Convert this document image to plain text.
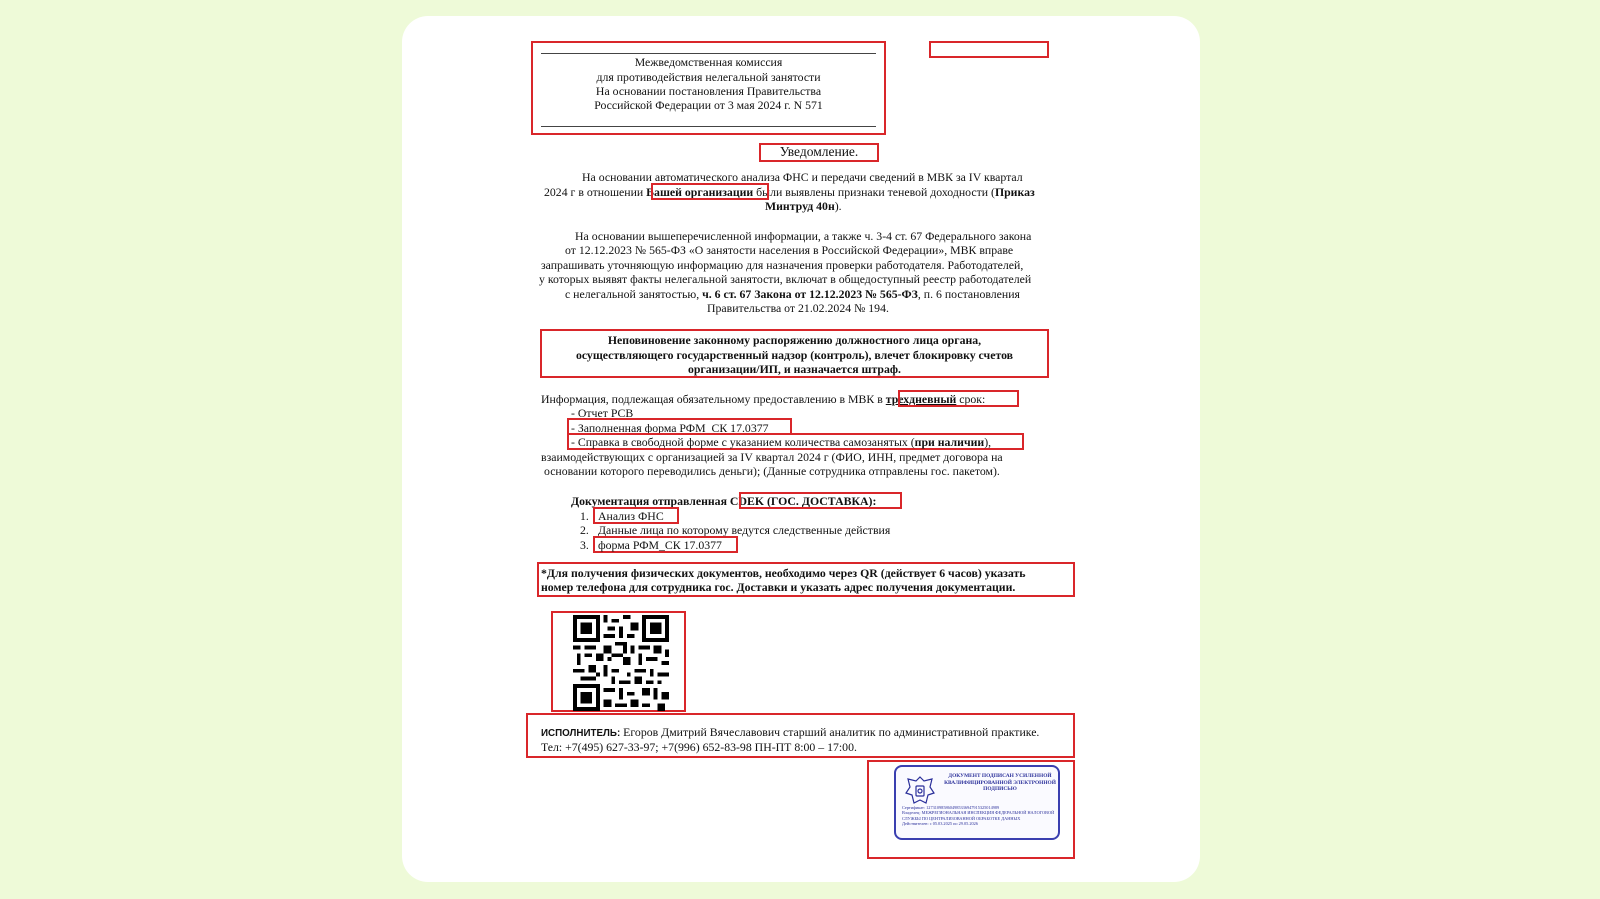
Межведомственная комиссия
для противодействия нелегальной занятости
На основании постановления Правительства
Российской Федерации от 3 мая 2024 г. N 571
Уведомление.
На основании автоматического анализа ФНС и передачи сведений в МВК за IV квартал
2024 г в отношении Вашей организации были выявлены признаки теневой доходности (Приказ
Минтруд 40н).
На основании вышеперечисленной информации, а также ч. 3-4 ст. 67 Федерального закона
от 12.12.2023 № 565-ФЗ «О занятости населения в Российской Федерации», МВК вправе
запрашивать уточняющую информацию для назначения проверки работодателя. Работодателей,
у которых выявят факты нелегальной занятости, включат в общедоступный реестр работодателей
с нелегальной занятостью, ч. 6 ст. 67 Закона от 12.12.2023 № 565-ФЗ, п. 6 постановления
Правительства от 21.02.2024 № 194.
Неповиновение законному распоряжению должностного лица органа,
осуществляющего государственный надзор (контроль), влечет блокировку счетов
организации/ИП, и назначается штраф.
Информация, подлежащая обязательному предоставлению в МВК в трехдневный срок:
- Отчет РСВ
- Заполненная форма РФМ_СК 17.0377
- Справка в свободной форме с указанием количества самозанятых (при наличии),
взаимодействующих с организацией за IV квартал 2024 г (ФИО, ИНН, предмет договора на
основании которого переводились деньги); (Данные сотрудника отправлены гос. пакетом).
Документация отправленная CDEK (ГОС. ДОСТАВКА):
1. Анализ ФНС
2. Данные лица по которому ведутся следственные действия
3. форма РФМ_СК 17.0377
*Для получения физических документов, необходимо через QR (действует 6 часов) указать
номер телефона для сотрудника гос. Доставки и указать адрес получения документации.
ИСПОЛНИТЕЛЬ: Егоров Дмитрий Вячеславович старший аналитик по административной практике.
Тел: +7(495) 627-33-97; +7(996) 652-83-98 ПН-ПТ 8:00 – 17:00.
ДОКУМЕНТ ПОДПИСАН УСИЛЕННОЙ КВАЛИФИЦИРОВАННОЙ ЭЛЕКТРОННОЙ ПОДПИСЬЮ
Сертификат: 1273109858604985336947915325014989
Владелец: МЕЖРЕГИОНАЛЬНАЯ ИНСПЕКЦИЯ ФЕДЕРАЛЬНОЙ НАЛОГОВОЙ СЛУЖБЫ ПО ЦЕНТРАЛИЗОВАННОЙ ОБРАБОТКЕ ДАННЫХ
Действителен: с 05.03.2025 по 29.05.2026
